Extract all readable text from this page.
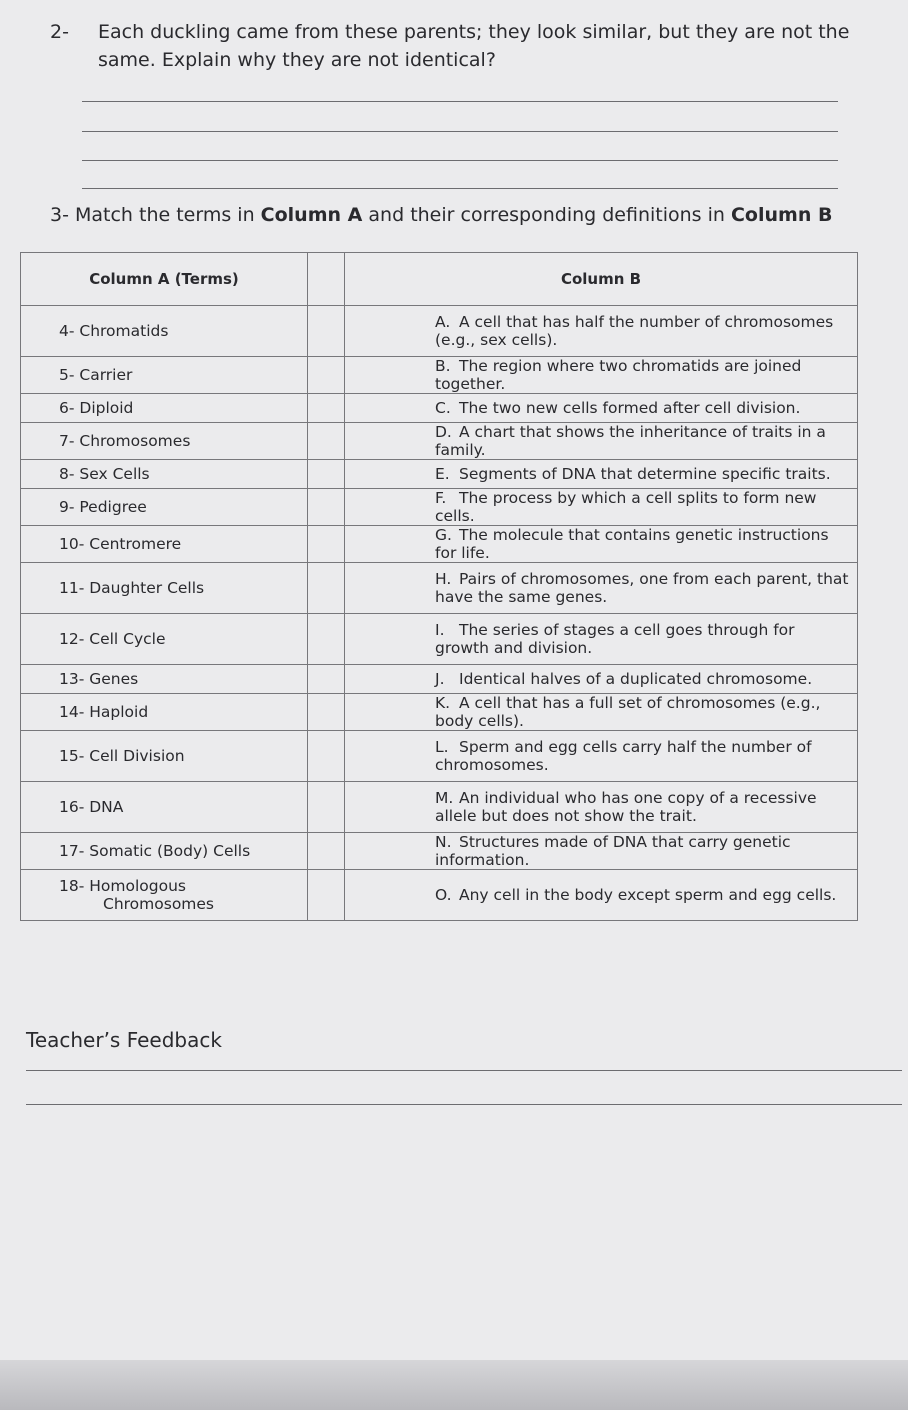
2- Each duckling came from these parents; they look similar, but they are not the same. Explain why they are not identical?
3- Match the terms in Column A and their corresponding definitions in Column B
Column A (Terms)		Column B
4- Chromatids		A. A cell that has half the number of chromosomes (e.g., sex cells).
5- Carrier		B. The region where two chromatids are joined together.
6- Diploid		C. The two new cells formed after cell division.
7- Chromosomes		D. A chart that shows the inheritance of traits in a family.
8- Sex Cells		E. Segments of DNA that determine specific traits.
9- Pedigree		F. The process by which a cell splits to form new cells.
10- Centromere		G. The molecule that contains genetic instructions for life.
11- Daughter Cells		H. Pairs of chromosomes, one from each parent, that have the same genes.
12- Cell Cycle		I. The series of stages a cell goes through for growth and division.
13- Genes		J. Identical halves of a duplicated chromosome.
14- Haploid		K. A cell that has a full set of chromosomes (e.g., body cells).
15- Cell Division		L. Sperm and egg cells carry half the number of chromosomes.
16- DNA		M. An individual who has one copy of a recessive allele but does not show the trait.
17- Somatic (Body) Cells		N. Structures made of DNA that carry genetic information.
18- Homologous
Chromosomes		O. Any cell in the body except sperm and egg cells.
Teacher’s Feedback
